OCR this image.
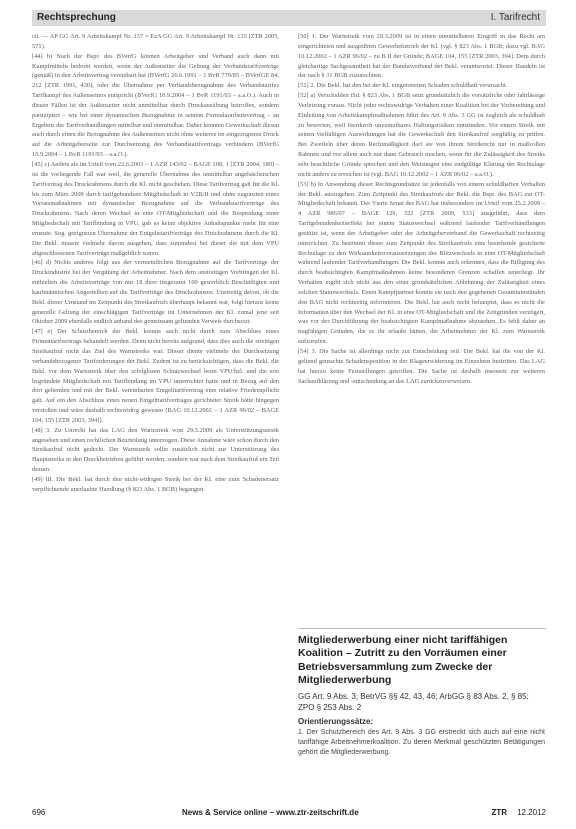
Rechtsprechung	I. Tarifrecht

cit. — AP GG Art. 9 Arbeitskampf Nr. 137 = EzA GG Art. 9 Arbeitskampf Nr. 135 (ZTR 2005, 571).

[44] b) Nach der Bspr. des BVerfG können Arbeitgeber und Verband auch dann mit Kampfmitteln bedroht werden, wenn der Außenseiter die Geltung der Verbandstarifverträge (gemäß) in den Arbeitsvertrag vereinbart hat (BVerfG 26.6.1991 – 1 BvR 779/85 – BVerfGE 84, 212 [ZTR 1991, 430]; oder die Übernahme per Verbandsbezugnahme des Verbandstarifes Tarifkampf des Außenseiters entspricht (BVerfG 10.9.2004 – 1 BvR 1191/03 – a.a.O.). Auch in diesen Fällen ist der Außenseiter nicht unmittelbar durch Druckausübung betroffen, sondern partizipiert – wie bei einer dynamischen Bezugnahme in seinem Formulararbeitsvertrag – an Ergebnis der Tarifverhandlungen mittelbar und unmittelbar. Daher konnten Gewerkschaft diesen auch durch einen die Bezugnahme des Außenseiters nicht ohne weiteres im eingezogenen Druck auf die Arbeitgeberseite zur Durchsetzung des Verbandstarifvertrags verhindern (BVerfG 10.9.2004 – 1 BvR 1191/03 – a.a.O.).

[45] c) Anders als im Urteil vom 22.6.2003 – 1 AZR 143/02 – BAGE 108, 1 [ZTR 2004, 189] – ist die vorliegende Fall war weil, die generelle Übernahme des unmittelbar angelsächsischen Tarifvertrag des Druckrahmens durch die Kl. nicht geschehen. Diese Tarifvertrag galt für die Kl. bis zum März 2009 durch tarifgebundene Mitgliedschaft in V2B/II und ohne zugunsten eines Vorratsmaßnahmen mit dynamischer Bezugnahme auf die Verbandstarifverträge des Druckrahmens. Nach deren Wechsel in eine OT-Mitgliedschaft und die Bespredung einer Mitgliedschaft mit Tarifbindung in VPU, gab es keine objektive Anhaltspunkte mehr für eine erneute. Sog. geeigneten Übernahme der Entgeltstarifverträge des Druckrahmens durch die Kl. Die Bekl. musste vielmehr davon ausgehen, dass zumindest bei dieser die mit dem VPU abgeschlossenen Tarifverträge maßgeblich waren.

[46] d) Nichts anderes folgt aus der vermeintlichen Bezugnahme auf die Tarifverträge der Druckindustrie bei der Vergütung der Arbeitnehmer. Nach dem unstreitigen Vorbringen der Kl. enthielten die Arbeitsverträge von nur 18 ihrer insgesamt 100 gewerblich Beschäftigten und kaufmännischen Angestellten auf die Tarifverträge des Druckrahmens. Unstreitig davon, ob die Bekl. dieser Umstand im Zeitpunkt des Streikaufrufs überhaupt bekannt war, folgt hieraus keine generelle Geltung der einschlägigen Tarifverträge im Unternehmen der Kl. zumal jene seit Oktober 2009 ebenfalls endlich anhand des gemeinsam geltenden Verweis durchsetzt.

[47] e) Der Schutzbereich der Bekl. konnte auch nicht durch zum Abschluss eines Firmentarifvertrags behandelt werden. Denn nicht bereits aufgrund, dass dies auch die streitigen Streikaufruf nicht das Ziel des Warnstreiks war. Dieser diente vielmehr der Durchsetzung verbandsbezogener Tariforderungen der Bekl. Zudem ist zu berücksichtigen, dass die Bekl. die Bekl. vor dem Warnstreik über den erfolglosen Schutzwechsel beim VPU/bzl. und die erst begründete Mitgliedschaft mit Tarifbindung im VPU unterrichtet hatte und in Bezug auf den dort geltenden und mit der Bekl. vereinbarten Entgelttarifvertrag eine relative Friedenspflicht galt. Auf ein den Abschluss eines neuen Entgelttarifvertrages gerichteter Streik hätte hingegen verstoßen und wäre deshalb rechtswidrig gewesen (BAG 10.12.2002 – 1 AZR 96/02 – BAGE 104, 155 [ZTR 2003, 394]).

[48] 3. Zu Unrecht hat das LAG den Warnstreik vom 29.3.2009 als Unterstützungsstreik angesehen und einen rechtlichen Beurteilung unterzogen. Diese Annahme wäre schon durch den Streikaufruf nicht gedeckt. Der Warnstreik sollte zusätzlich nicht zur Unterstützung des Hauptstreiks in den Druckbetrieben geführt werden, sondern war nach dem Streikaufruf ein Teil dessen.

[49] III. Die Bekl. hat durch den nicht-widrigen Streik bei der Kl. eine zum Schadenersatz verpflichtende unerlaubte Handlung (§ 823 Abs. 1 BGB) begangen.

[50] 1. Der Warnstreik vom 29.3.2009 ist in einen unmittelbaren Eingriff in das Recht am eingerichteten und ausgeübten Gewerbebetrieb der Kl. (vgl. § 823 Abs. 1 BGB; dazu vgl. BAG 10.12.2002 – 1 AZR 96/02 – zu B II der Gründe; BAGE 104, 155 [ZTR 2003, 394]. Dem durch gleichartige Sachgesamtheit hat der Bundesverband der Bekl. verantwortet. Dieser Handeln ist der nach § 31 BGB zuzurechnen.

[51] 2. Die Bekl. hat den bei der Kl. eingetretenen Schaden schuldhaft verursacht.

[52] a) Verschulden iSd. § 823 Abs. 1 BGB setzt grundsätzlich die vorsätzliche oder fahrlässige Verletzung voraus. Nicht jeder rechtswidrige Verhalten einer Koalition bei der Vorbereitung und Einleitung von Arbeitskampfmaßnahmen führt des Art. 9 Abs. 3 GG ist zugleich als schuldhaft zu bewerten, weil hierdurch unzumutbares Haftungsrisiken entstünden. Vor einem Streik mit seinen vielfältigen Auswirkungen hat die Gewerkschaft den Streikaufruf sorgfältig zu prüfen. Bei Zweifeln über deren Rechtmäßigkeit darf sie von ihrem Streikrecht nur in maßvollen Rahmen und vor allem auch nur dann Gebrauch machen, wenn für die Zulässigkeit des Streiks sehr beachtliche Gründe sprechen und den Weisungen eine endgültige Klärung der Rechtslage nicht anders zu erreichen ist (vgl. BAG 10.12.2002 – 1 AZR 96/02 – a.a.O.).

[53] b) In Anwendung dieser Rechtsgrundsätze ist jedenfalls von einem schuldhaften Verhalten der Bekl. auszugehen. Zum Zeitpunkt des Streikaufrufs der Bekl. die Bspr. des BAG zur OT-Mitgliedschaft bekannt. Der Vierte Senat des BAG hat insbesondere im Urteil vom 25.2.2009 – 4 AZR 986/07 – BAGE 129, 322 [ZTR 2009, 533] ausgeführt, dass dem Tarifgebundenheitseffekt bei einem Statuswechsel während laufender Tarifverhandlungen gestützt ist, wenn der Arbeitgeber oder der Arbeitgeberverband die Gewerkschaft rechtzeitig unterrichtet. Zu bestimmt dieser zum Zeitpunkt des Streikaufrufs eine bestehende gesicherte Rechtslage zu den Wirksamkeitsvoraussetzungen des Blitzwechsels in eine OT-Mitgliedschaft während laufender Tarifverhandlungen. Die Bekl. konnte auch erkennen, dass die Billigung des durch beabsichtigten Kampfmaßnahmen keine besonderen Grenzen schaffen unterliegt. Ihr Verhalten ergibt sich nicht aus den einer grundsätzlichen Ablehnung der Zulässigkeit eines solchen Statuswechsels. Einen Kampfpartner konnte sie nach den gegebenen Gesamtumständen den BAG nicht rechtzeitig informieren. Die Bekl. hat auch nicht behauptet, dass es nicht die Information über den Wechsel der Kl. in eine OT-Mitgliedschaft und die Zeitgründen verzögert, was vor der Durchführung der beabsichtigten Kampfmaßnahme abzusehen. Es fehlt daher an tragfähigen Gründen, die es ihr erlaubt hätten, die Arbeitnehmer der Kl. zum Warnstreik aufzurufen.

[54] 3. Die Sache ist allerdings nicht zur Entscheidung reif. Die Bekl. hat die von der Kl. geltend gemachte Schadensposition in der Klageerwiderung im Einzelnen bestritten. Das LAG hat hierzu keine Feststellungen getroffen. Die Sache ist deshalb insoweit zur weiteren Sachaufklärung und -entscheidung an das LAG zurückzuverweisen.

Mitgliederwerbung einer nicht tariffähigen Koalition – Zutritt zu den Vorräumen einer Betriebsversammlung zum Zwecke der Mitgliederwerbung
GG Art. 9 Abs. 3; BetrVG §§ 42, 43, 46; ArbGG § 83 Abs. 2, § 85; ZPO § 253 Abs. 2
Orientierungssätze:

1. Der Schutzbereich des Art. 9 Abs. 3 GG erstreckt sich auch auf eine nicht tariffähige Arbeitnehmerkoalition. Zu deren Merkmal geschützten Betätigungen gehört die Mitgliederwerbung.

696	News & Service online – www.ztr-zeitschrift.de	ZTR 12.2012
